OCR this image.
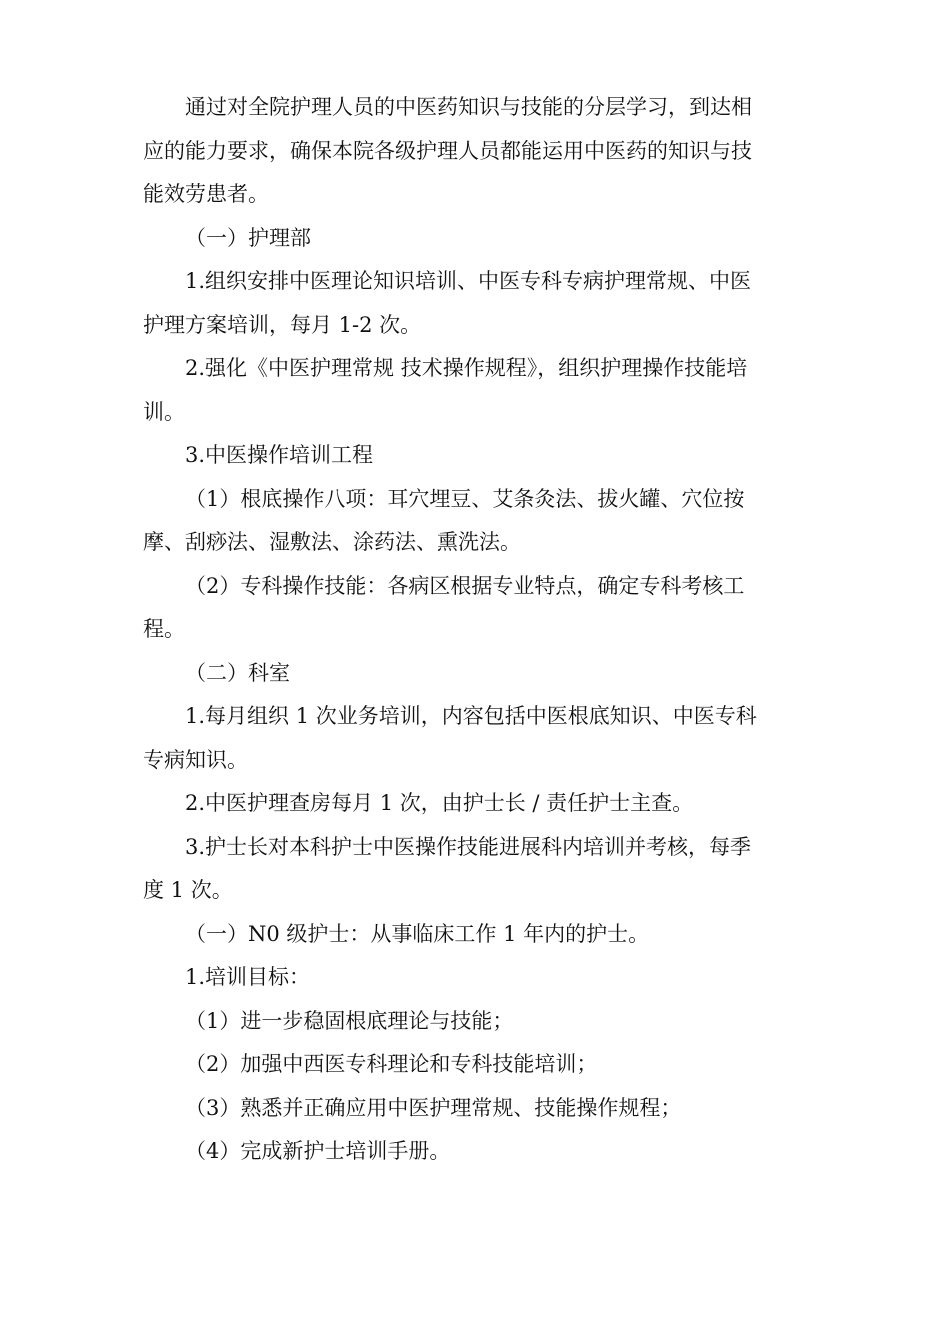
通过对全院护理人员的中医药知识与技能的分层学习，到达相
应的能力要求，确保本院各级护理人员都能运用中医药的知识与技
能效劳患者。

（一）护理部

1.组织安排中医理论知识培训、中医专科专病护理常规、中医
护理方案培训，每月 1-2 次。

2.强化《中医护理常规 技术操作规程》，组织护理操作技能培
训。

3.中医操作培训工程

（1）根底操作八项：耳穴埋豆、艾条灸法、拔火罐、穴位按
摩、刮痧法、湿敷法、涂药法、熏洗法。

（2）专科操作技能：各病区根据专业特点，确定专科考核工
程。

（二）科室

1.每月组织 1 次业务培训，内容包括中医根底知识、中医专科
专病知识。

2.中医护理查房每月 1 次，由护士长 / 责任护士主查。

3.护士长对本科护士中医操作技能进展科内培训并考核，每季
度 1 次。

（一）N0 级护士：从事临床工作 1 年内的护士。

1.培训目标：

（1）进一步稳固根底理论与技能；

（2）加强中西医专科理论和专科技能培训；

（3）熟悉并正确应用中医护理常规、技能操作规程；

（4）完成新护士培训手册。
